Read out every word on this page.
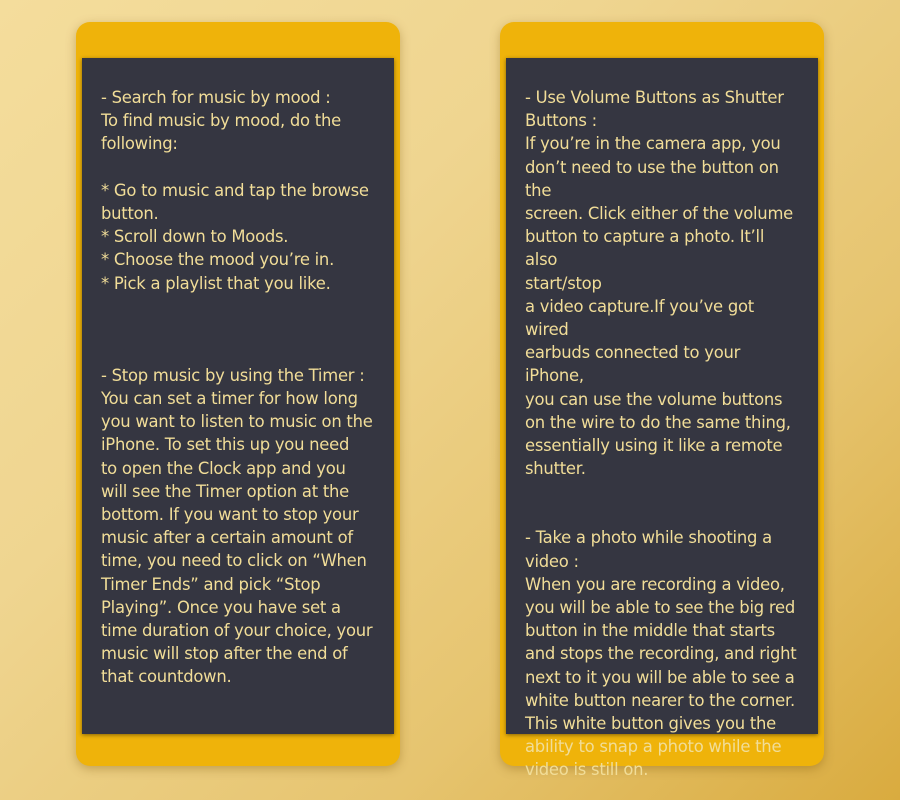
- Search for music by mood :
To find music by mood, do the
following:

* Go to music and tap the browse
button.
* Scroll down to Moods.
* Choose the mood you’re in.
* Pick a playlist that you like.

- Stop music by using the Timer :
You can set a timer for how long
you want to listen to music on the
iPhone. To set this up you need
to open the Clock app and you
will see the Timer option at the
bottom. If you want to stop your
music after a certain amount of
time, you need to click on “When
Timer Ends” and pick “Stop
Playing”. Once you have set a
time duration of your choice, your
music will stop after the end of
that countdown.

- Use Volume Buttons as Shutter
Buttons :
If you’re in the camera app, you
don’t need to use the button on the
screen. Click either of the volume
button to capture a photo. It’ll also
start/stop
a video capture.If you’ve got wired
earbuds connected to your iPhone,
you can use the volume buttons
on the wire to do the same thing,
essentially using it like a remote
shutter.

- Take a photo while shooting a
video :
When you are recording a video,
you will be able to see the big red
button in the middle that starts
and stops the recording, and right
next to it you will be able to see a
white button nearer to the corner.
This white button gives you the
ability to snap a photo while the
video is still on.
